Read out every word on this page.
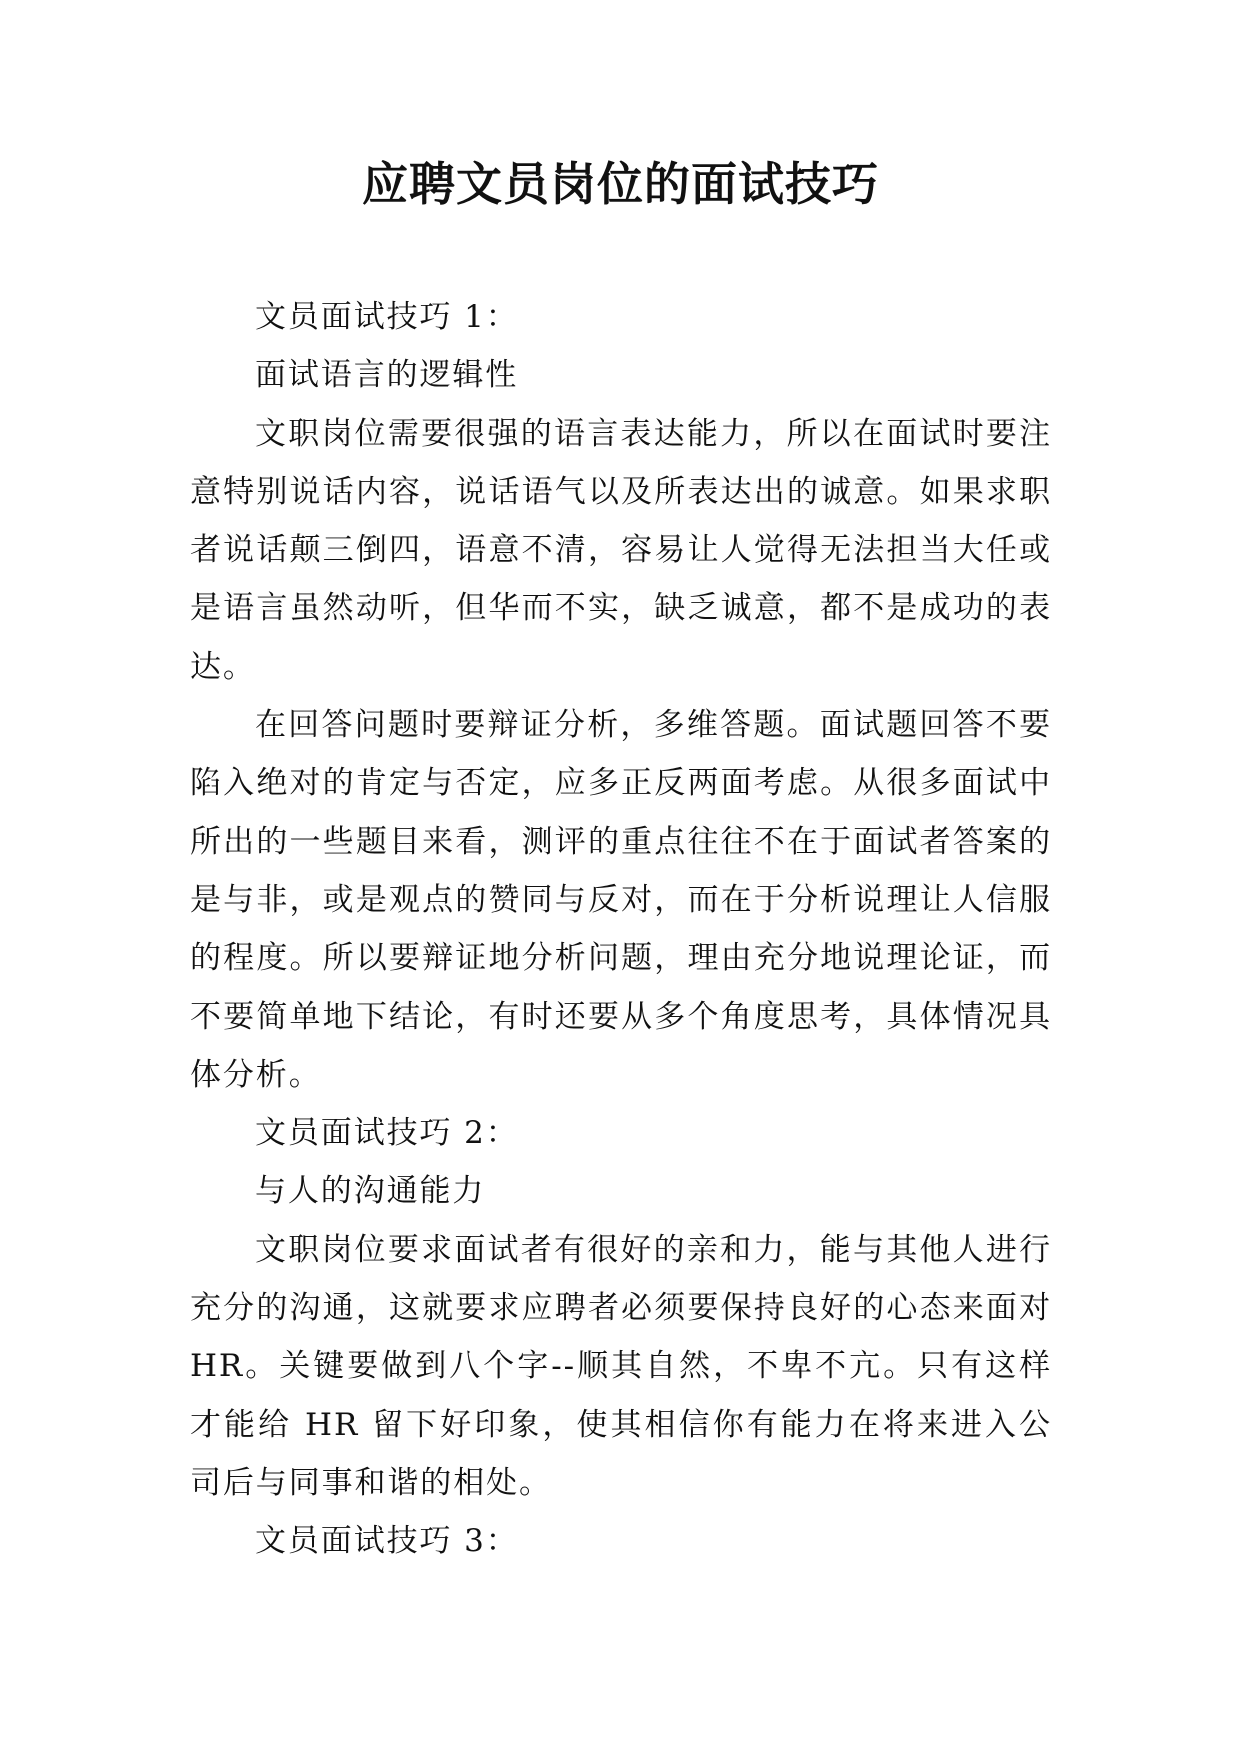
应聘文员岗位的面试技巧

文员面试技巧 1：

面试语言的逻辑性

文职岗位需要很强的语言表达能力，所以在面试时要注意特别说话内容，说话语气以及所表达出的诚意。如果求职者说话颠三倒四，语意不清，容易让人觉得无法担当大任或是语言虽然动听，但华而不实，缺乏诚意，都不是成功的表达。

在回答问题时要辩证分析，多维答题。面试题回答不要陷入绝对的肯定与否定，应多正反两面考虑。从很多面试中所出的一些题目来看，测评的重点往往不在于面试者答案的是与非，或是观点的赞同与反对，而在于分析说理让人信服的程度。所以要辩证地分析问题，理由充分地说理论证，而不要简单地下结论，有时还要从多个角度思考，具体情况具体分析。

文员面试技巧 2：

与人的沟通能力

文职岗位要求面试者有很好的亲和力，能与其他人进行充分的沟通，这就要求应聘者必须要保持良好的心态来面对HR。关键要做到八个字--顺其自然，不卑不亢。只有这样才能给 HR 留下好印象，使其相信你有能力在将来进入公司后与同事和谐的相处。

文员面试技巧 3：
